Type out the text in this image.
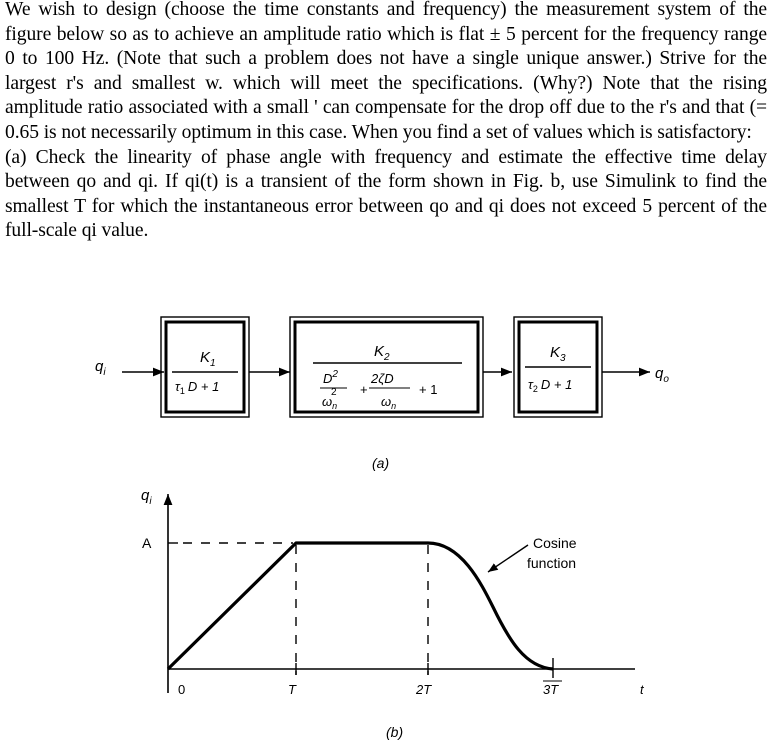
We wish to design (choose the time constants and frequency) the measurement system of the figure below so as to achieve an amplitude ratio which is flat ± 5 percent for the frequency range 0 to 100 Hz. (Note that such a problem does not have a single unique answer.) Strive for the largest r's and smallest w. which will meet the specifications. (Why?) Note that the rising amplitude ratio associated with a small ' can compensate for the drop off due to the r's and that (= 0.65 is not necessarily optimum in this case. When you find a set of values which is satisfactory:

(a) Check the linearity of phase angle with frequency and estimate the effective time delay between qo and qi. If qi(t) is a transient of the form shown in Fig. b, use Simulink to find the smallest T for which the instantaneous error between qo and qi does not exceed 5 percent of the full-scale qi value.

$q_i$
$K_1$
$\tau_1$ D + 1
$K_2$
$D^2$
2
$\omega_n$
+
2ζD
$\omega_n$
+ 1
$K_3$
$\tau_2$ D + 1
$q_o$
(a)
$q_i$
A
0	T	2T	3T	t
Cosine
function
(b)
